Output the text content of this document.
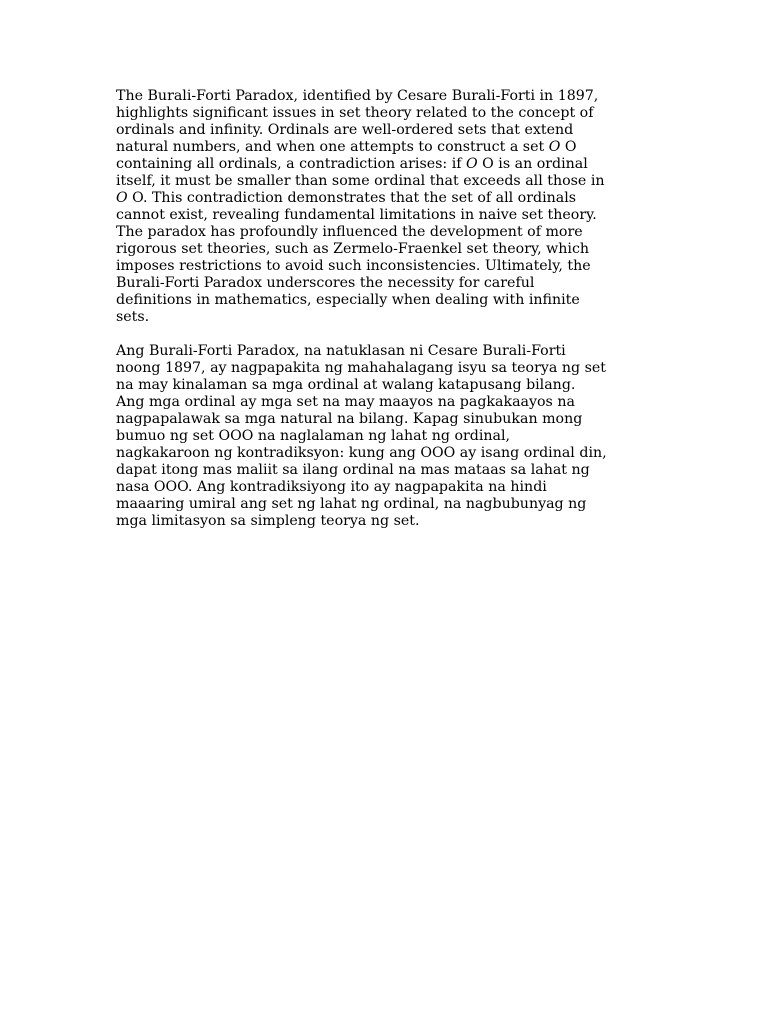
The Burali-Forti Paradox, identified by Cesare Burali-Forti in 1897,
highlights significant issues in set theory related to the concept of
ordinals and infinity. Ordinals are well-ordered sets that extend
natural numbers, and when one attempts to construct a set O O
containing all ordinals, a contradiction arises: if O O is an ordinal
itself, it must be smaller than some ordinal that exceeds all those in
O O. This contradiction demonstrates that the set of all ordinals
cannot exist, revealing fundamental limitations in naive set theory.
The paradox has profoundly influenced the development of more
rigorous set theories, such as Zermelo-Fraenkel set theory, which
imposes restrictions to avoid such inconsistencies. Ultimately, the
Burali-Forti Paradox underscores the necessity for careful
definitions in mathematics, especially when dealing with infinite
sets.
Ang Burali-Forti Paradox, na natuklasan ni Cesare Burali-Forti
noong 1897, ay nagpapakita ng mahahalagang isyu sa teorya ng set
na may kinalaman sa mga ordinal at walang katapusang bilang.
Ang mga ordinal ay mga set na may maayos na pagkakaayos na
nagpapalawak sa mga natural na bilang. Kapag sinubukan mong
bumuo ng set OOO na naglalaman ng lahat ng ordinal,
nagkakaroon ng kontradiksyon: kung ang OOO ay isang ordinal din,
dapat itong mas maliit sa ilang ordinal na mas mataas sa lahat ng
nasa OOO. Ang kontradiksiyong ito ay nagpapakita na hindi
maaaring umiral ang set ng lahat ng ordinal, na nagbubunyag ng
mga limitasyon sa simpleng teorya ng set.
